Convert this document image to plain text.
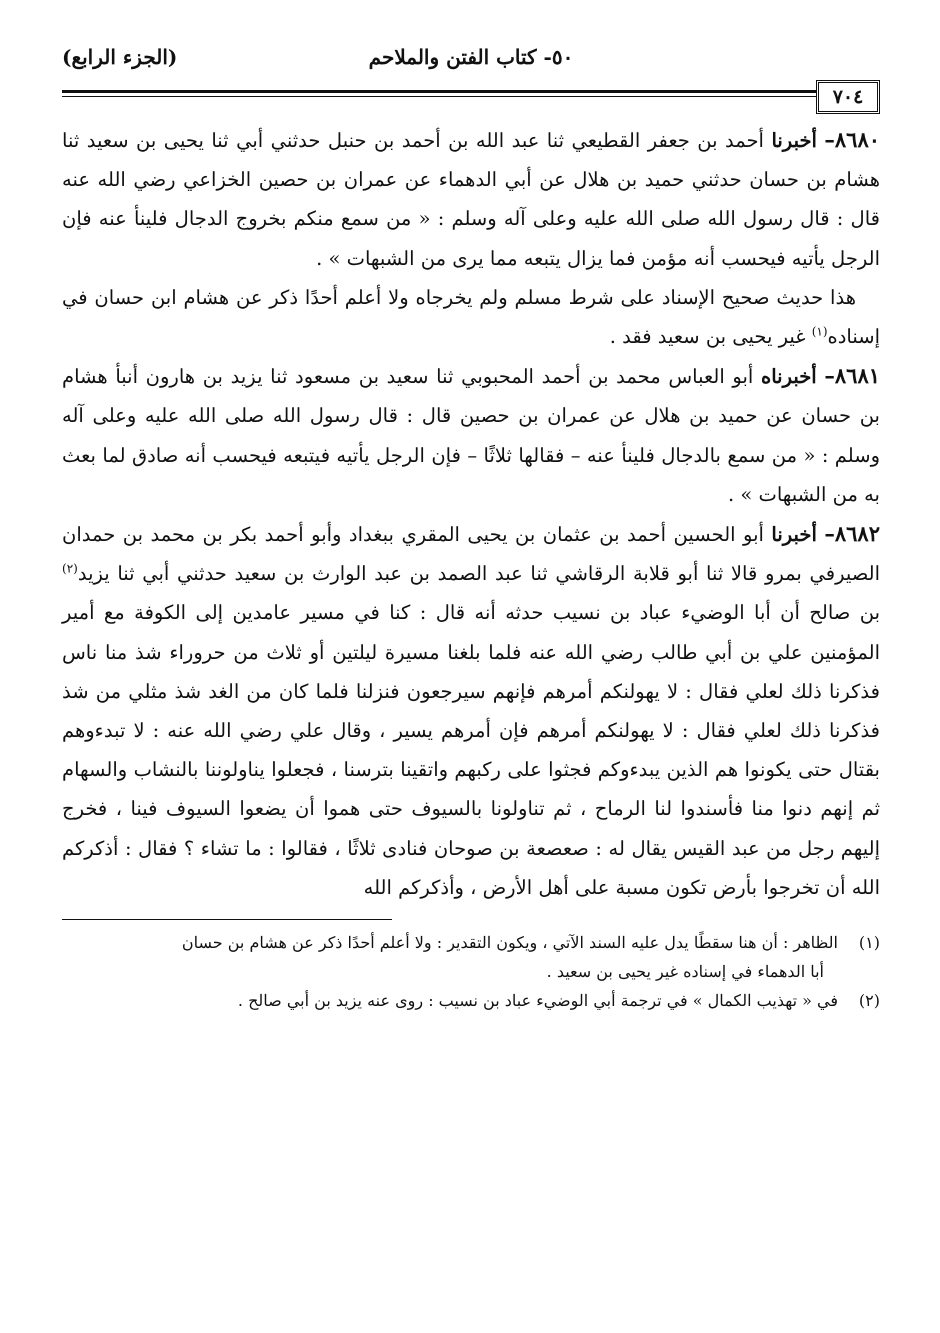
٥٠- كتاب الفتن والملاحم
(الجزء الرابع)
٧٠٤

٨٦٨٠– أخبرنا أحمد بن جعفر القطيعي ثنا عبد الله بن أحمد بن حنبل حدثني أبي ثنا يحيى بن سعيد ثنا هشام بن حسان حدثني حميد بن هلال عن أبي الدهماء عن عمران بن حصين الخزاعي رضي الله عنه قال : قال رسول الله صلى الله عليه وعلى آله وسلم : « من سمع منكم بخروج الدجال فلينأ عنه فإن الرجل يأتيه فيحسب أنه مؤمن فما يزال يتبعه مما يرى من الشبهات » .

هذا حديث صحيح الإسناد على شرط مسلم ولم يخرجاه ولا أعلم أحدًا ذكر عن هشام ابن حسان في إسناده$^{(١)}$ غير يحيى بن سعيد فقد .

٨٦٨١– أخبرناه أبو العباس محمد بن أحمد المحبوبي ثنا سعيد بن مسعود ثنا يزيد بن هارون أنبأ هشام بن حسان عن حميد بن هلال عن عمران بن حصين قال : قال رسول الله صلى الله عليه وعلى آله وسلم : « من سمع بالدجال فلينأ عنه – فقالها ثلاثًا – فإن الرجل يأتيه فيتبعه فيحسب أنه صادق لما بعث به من الشبهات » .

٨٦٨٢– أخبرنا أبو الحسين أحمد بن عثمان بن يحيى المقري ببغداد وأبو أحمد بكر بن محمد بن حمدان الصيرفي بمرو قالا ثنا أبو قلابة الرقاشي ثنا عبد الصمد بن عبد الوارث بن سعيد حدثني أبي ثنا يزيد$^{(٢)}$ بن صالح أن أبا الوضيء عباد بن نسيب حدثه أنه قال : كنا في مسير عامدين إلى الكوفة مع أمير المؤمنين علي بن أبي طالب رضي الله عنه فلما بلغنا مسيرة ليلتين أو ثلاث من حروراء شذ منا ناس فذكرنا ذلك لعلي فقال : لا يهولنكم أمرهم فإنهم سيرجعون فنزلنا فلما كان من الغد شذ مثلي من شذ فذكرنا ذلك لعلي فقال : لا يهولنكم أمرهم فإن أمرهم يسير ، وقال علي رضي الله عنه : لا تبدءوهم بقتال حتى يكونوا هم الذين يبدءوكم فجثوا على ركبهم واتقينا بترسنا ، فجعلوا يناولوننا بالنشاب والسهام ثم إنهم دنوا منا فأسندوا لنا الرماح ، ثم تناولونا بالسيوف حتى هموا أن يضعوا السيوف فينا ، فخرج إليهم رجل من عبد القيس يقال له : صعصعة بن صوحان فنادى ثلاثًا ، فقالوا : ما تشاء ؟ فقال : أذكركم الله أن تخرجوا بأرض تكون مسبة على أهل الأرض ، وأذكركم الله

(١)
الظاهر : أن هنا سقطًا يدل عليه السند الآتي ، ويكون التقدير : ولا أعلم أحدًا ذكر عن هشام بن حسان
أبا الدهماء في إسناده غير يحيى بن سعيد .
(٢)
في « تهذيب الكمال » في ترجمة أبي الوضيء عباد بن نسيب : روى عنه يزيد بن أبي صالح .
